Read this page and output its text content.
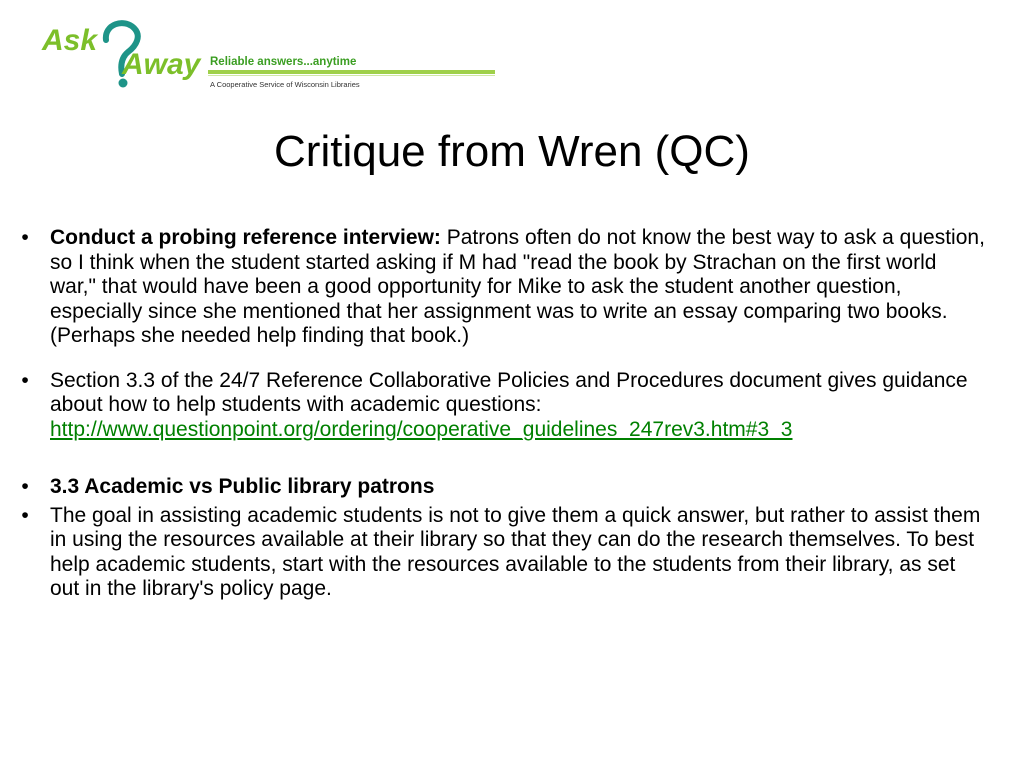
Ask
Away Reliable answers...anytime
A Cooperative Service of Wisconsin Libraries
Critique from Wren (QC)
• Conduct a probing reference interview: Patrons often do not know the best way to ask a question, so I think when the student started asking if M had "read the book by Strachan on the first world war," that would have been a good opportunity for Mike to ask the student another question, especially since she mentioned that her assignment was to write an essay comparing two books. (Perhaps she needed help finding that book.)
• Section 3.3 of the 24/7 Reference Collaborative Policies and Procedures document gives guidance about how to help students with academic questions: http://www.questionpoint.org/ordering/cooperative_guidelines_247rev3.htm#3_3
• 3.3 Academic vs Public library patrons
• The goal in assisting academic students is not to give them a quick answer, but rather to assist them in using the resources available at their library so that they can do the research themselves. To best help academic students, start with the resources available to the students from their library, as set out in the library's policy page.
